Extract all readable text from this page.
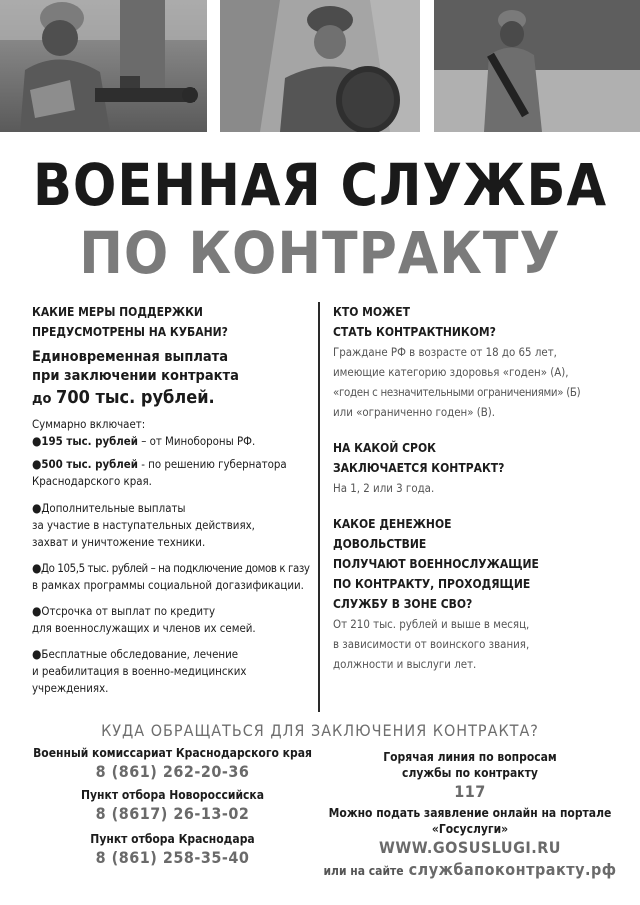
ВОЕННАЯ СЛУЖБА
ПО КОНТРАКТУ
КАКИЕ МЕРЫ ПОДДЕРЖКИ
ПРЕДУСМОТРЕНЫ НА КУБАНИ?
Единовременная выплата
при заключении контракта
до 700 тыс. рублей.
Суммарно включает:
●195 тыс. рублей – от Минобороны РФ.
●500 тыс. рублей - по решению губернатора
Краснодарского края.
●Дополнительные выплаты
за участие в наступательных действиях,
захват и уничтожение техники.
●До 105,5 тыс. рублей – на подключение домов к газу
в рамках программы социальной догазификации.
●Отсрочка от выплат по кредиту
для военнослужащих и членов их семей.
●Бесплатные обследование, лечение
и реабилитация в военно-медицинских
учреждениях.
КТО МОЖЕТ
СТАТЬ КОНТРАКТНИКОМ?
Граждане РФ в возрасте от 18 до 65 лет,
имеющие категорию здоровья «годен» (А),
«годен с незначительными ограничениями» (Б)
или «ограниченно годен» (В).
НА КАКОЙ СРОК
ЗАКЛЮЧАЕТСЯ КОНТРАКТ?
На 1, 2 или 3 года.
КАКОЕ ДЕНЕЖНОЕ
ДОВОЛЬСТВИЕ
ПОЛУЧАЮТ ВОЕННОСЛУЖАЩИЕ
ПО КОНТРАКТУ, ПРОХОДЯЩИЕ
СЛУЖБУ В ЗОНЕ СВО?
От 210 тыс. рублей и выше в месяц,
в зависимости от воинского звания,
должности и выслуги лет.
КУДА ОБРАЩАТЬСЯ ДЛЯ ЗАКЛЮЧЕНИЯ КОНТРАКТА?
Военный комиссариат Краснодарского края
8 (861) 262-20-36
Пункт отбора Новороссийска
8 (8617) 26-13-02
Пункт отбора Краснодара
8 (861) 258-35-40
Горячая линия по вопросам
службы по контракту
117
Можно подать заявление онлайн на портале
«Госуслуги»
WWW.GOSUSLUGI.RU
или на сайте службапоконтракту.рф
